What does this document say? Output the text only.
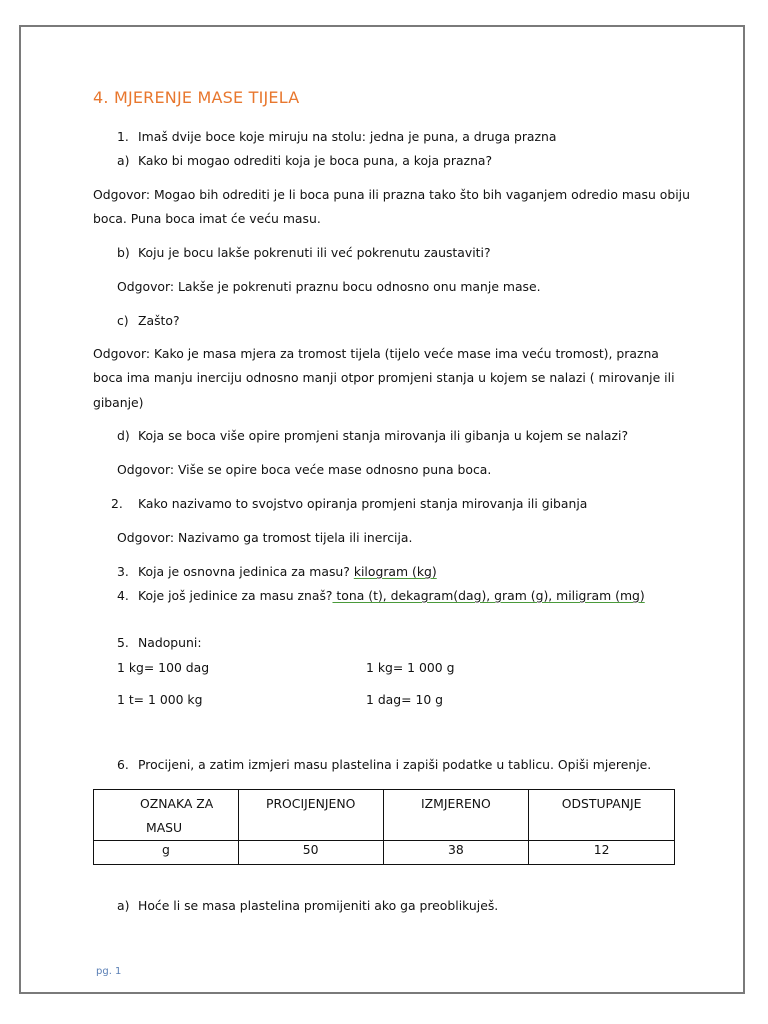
4. MJERENJE MASE TIJELA
1. Imaš dvije boce koje miruju na stolu: jedna je puna, a druga prazna
a) Kako bi mogao odrediti koja je boca puna, a koja prazna?
Odgovor: Mogao bih odrediti je li boca puna ili prazna tako što bih vaganjem odredio masu obiju
boca. Puna boca imat će veću masu.
b) Koju je bocu lakše pokrenuti ili već pokrenutu zaustaviti?
Odgovor: Lakše je pokrenuti praznu bocu odnosno onu manje mase.
c) Zašto?
Odgovor: Kako je masa mjera za tromost tijela (tijelo veće mase ima veću tromost), prazna
boca ima manju inerciju odnosno manji otpor promjeni stanja u kojem se nalazi ( mirovanje ili
gibanje)
d) Koja se boca više opire promjeni stanja mirovanja ili gibanja u kojem se nalazi?
Odgovor: Više se opire boca veće mase odnosno puna boca.
2. Kako nazivamo to svojstvo opiranja promjeni stanja mirovanja ili gibanja
Odgovor: Nazivamo ga tromost tijela ili inercija.
3. Koja je osnovna jedinica za masu? kilogram (kg)
4. Koje još jedinice za masu znaš? tona (t), dekagram(dag), gram (g), miligram (mg)
5. Nadopuni:
1 kg= 100 dag	1 kg= 1 000 g
1 t= 1 000 kg	1 dag= 10 g
6. Procijeni, a zatim izmjeri masu plastelina i zapiši podatke u tablicu. Opiši mjerenje.
OZNAKA ZA
MASU	PROCIJENJENO	IZMJERENO	ODSTUPANJE

g	50	38	12
a) Hoće li se masa plastelina promijeniti ako ga preoblikuješ.
pg. 1
